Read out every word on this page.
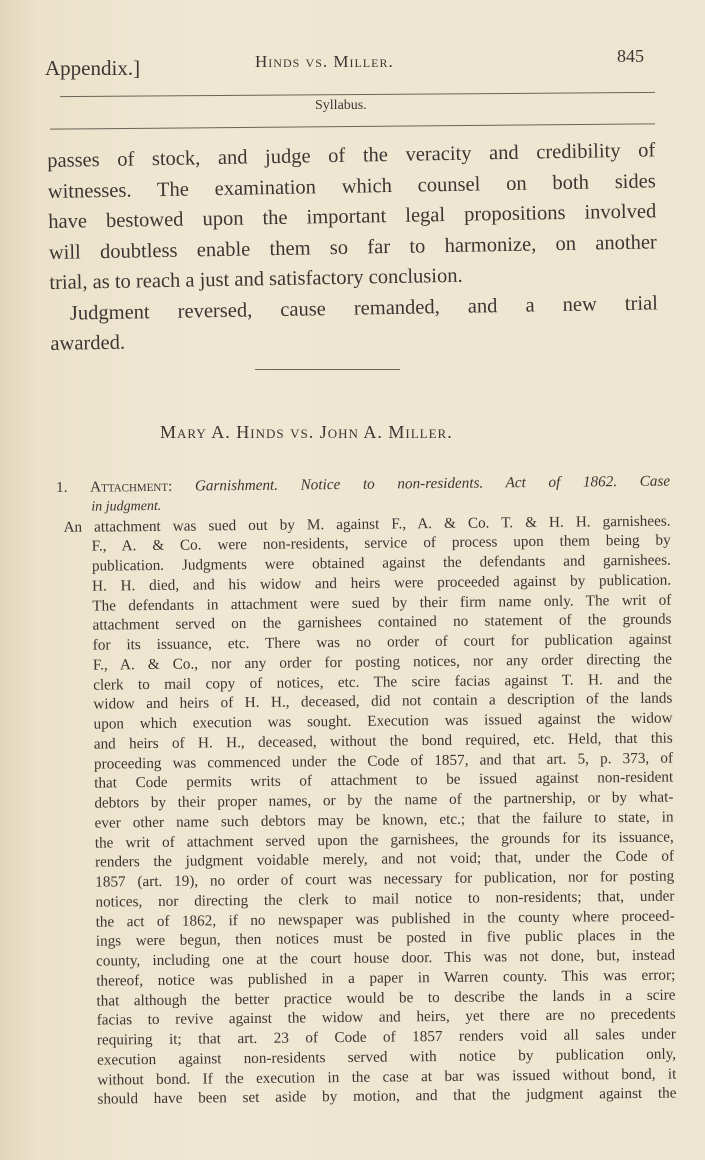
Appendix.]	Hinds vs. Miller.	845
Syllabus.
passes of stock, and judge of the veracity and credibility of
witnesses. The examination which counsel on both sides
have bestowed upon the important legal propositions involved
will doubtless enable them so far to harmonize, on another
trial, as to reach a just and satisfactory conclusion.
Judgment reversed, cause remanded, and a new trial
awarded.
Mary A. Hinds vs. John A. Miller.
1. Attachment: Garnishment. Notice to non-residents. Act of 1862. Case
in judgment.
An attachment was sued out by M. against F., A. & Co. T. & H. H. garnishees.
F., A. & Co. were non-residents, service of process upon them being by
publication. Judgments were obtained against the defendants and garnishees.
H. H. died, and his widow and heirs were proceeded against by publication.
The defendants in attachment were sued by their firm name only. The writ of
attachment served on the garnishees contained no statement of the grounds
for its issuance, etc. There was no order of court for publication against
F., A. & Co., nor any order for posting notices, nor any order directing the
clerk to mail copy of notices, etc. The scire facias against T. H. and the
widow and heirs of H. H., deceased, did not contain a description of the lands
upon which execution was sought. Execution was issued against the widow
and heirs of H. H., deceased, without the bond required, etc. Held, that this
proceeding was commenced under the Code of 1857, and that art. 5, p. 373, of
that Code permits writs of attachment to be issued against non-resident
debtors by their proper names, or by the name of the partnership, or by what-
ever other name such debtors may be known, etc.; that the failure to state, in
the writ of attachment served upon the garnishees, the grounds for its issuance,
renders the judgment voidable merely, and not void; that, under the Code of
1857 (art. 19), no order of court was necessary for publication, nor for posting
notices, nor directing the clerk to mail notice to non-residents; that, under
the act of 1862, if no newspaper was published in the county where proceed-
ings were begun, then notices must be posted in five public places in the
county, including one at the court house door. This was not done, but, instead
thereof, notice was published in a paper in Warren county. This was error;
that although the better practice would be to describe the lands in a scire
facias to revive against the widow and heirs, yet there are no precedents
requiring it; that art. 23 of Code of 1857 renders void all sales under
execution against non-residents served with notice by publication only,
without bond. If the execution in the case at bar was issued without bond, it
should have been set aside by motion, and that the judgment against the
